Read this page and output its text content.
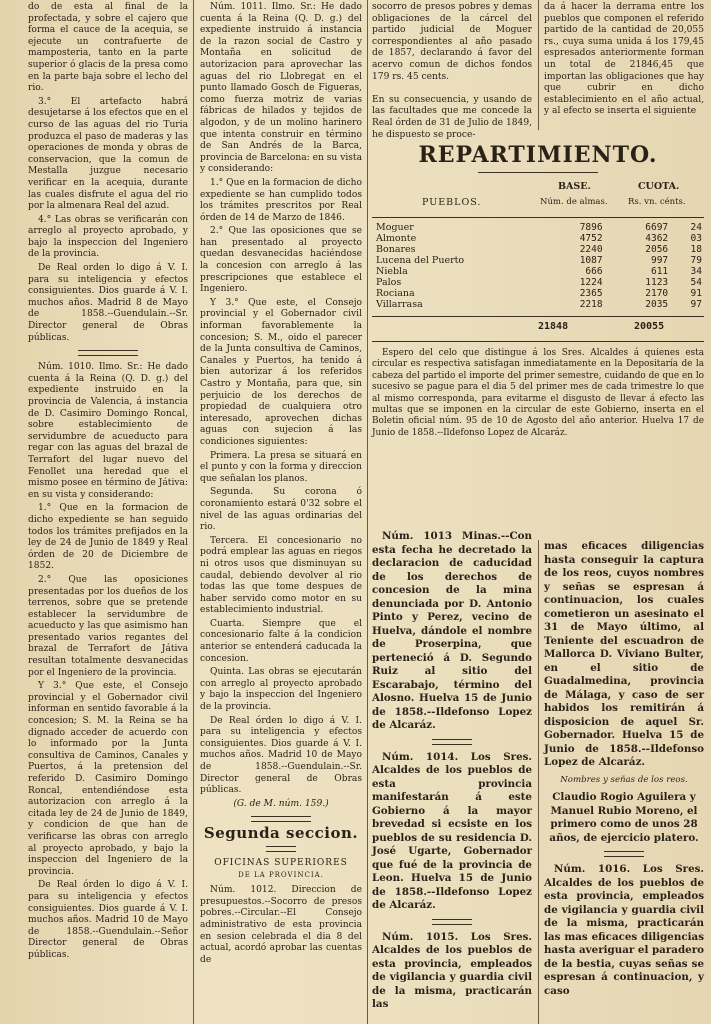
do de esta al final de la profectada, y sobre el cajero que forma el cauce de la acequia, se ejecute un contrafuerte de mamposteria, tanto en la parte superior ó glacis de la presa como en la parte baja sobre el lecho del rio.

3.° El artefacto habrá desujetarse á los efectos que en el curso de las aguas del rio Turia produzca el paso de maderas y las operaciones de monda y obras de conservacion, que la comun de Mestalla juzgue necesario verificar en la acequia, durante las cuales disfrute el agua del rio por la almenara Real del azud.

4.° Las obras se verificarán con arreglo al proyecto aprobado, y bajo la inspeccion del Ingeniero de la provincia.

De Real orden lo digo á V. I. para su inteligencia y efectos consiguientes. Dios guarde á V. I. muchos años. Madrid 8 de Mayo de 1858.--Guendulain.--Sr. Director general de Obras públicas.

Núm. 1010. Ilmo. Sr.: He dado cuenta á la Reina (Q. D. g.) del expediente instruido en la provincia de Valencia, á instancia de D. Casimiro Domingo Roncal, sobre establecimiento de servidumbre de acueducto para regar con las aguas del brazal de Terrafort del lugar nuevo del Fenollet una heredad que el mismo posee en término de Játiva: en su vista y considerando:

1.° Que en la formacion de dicho expediente se han seguido todos los trámites prefijados en la ley de 24 de Junio de 1849 y Real órden de 20 de Diciembre de 1852.

2.° Que las oposiciones presentadas por los dueños de los terrenos, sobre que se pretende establecer la servidumbre de acueducto y las que asimismo han presentado varios regantes del brazal de Terrafort de Játiva resultan totalmente desvanecidas por el Ingeniero de la provincia.

Y 3.° Que este, el Consejo provincial y el Gobernador civil informan en sentido favorable á la concesion; S. M. la Reina se ha dignado acceder de acuerdo con lo informado por la Junta consultiva de Caminos, Canales y Puertos, á la pretension del referido D. Casimiro Domingo Roncal, entendiéndose esta autorizacion con arreglo á la citada ley de 24 de Junio de 1849, y condicion de que han de verificarse las obras con arreglo al proyecto aprobado, y bajo la inspeccion del Ingeniero de la provincia.

De Real órden lo digo á V. I. para su inteligencia y efectos consiguientes. Dios guarde á V. I. muchos años. Madrid 10 de Mayo de 1858.--Guendulain.--Señor Director general de Obras públicas.

Núm. 1011. Ilmo. Sr.: He dado cuenta á la Reina (Q. D. g.) del expediente instruido á instancia de la razon social de Castro y Montaña en solicitud de autorizacion para aprovechar las aguas del rio Llobregat en el punto llamado Gosch de Figueras, como fuerza motriz de varias fábricas de hilados y tejidos de algodon, y de un molino harinero que intenta construir en término de San Andrés de la Barca, provincia de Barcelona: en su vista y considerando:

1.° Que en la formacion de dicho expediente se han cumplido todos los trámites prescritos por Real órden de 14 de Marzo de 1846.

2.° Que las oposiciones que se han presentado al proyecto quedan desvanecidas haciéndose la concesion con arreglo á las prescripciones que establece el Ingeniero.

Y 3.° Que este, el Consejo provincial y el Gobernador civil informan favorablemente la concesion; S. M., oido el parecer de la Junta consultiva de Caminos, Canales y Puertos, ha tenido á bien autorizar á los referidos Castro y Montaña, para que, sin perjuicio de los derechos de propiedad de cualquiera otro interesado, aprovechen dichas aguas con sujecion á las condiciones siguientes:

Primera. La presa se situará en el punto y con la forma y direccion que señalan los planos.

Segunda. Su corona ó coronamiento estará 0'32 sobre el nivel de las aguas ordinarias del rio.

Tercera. El concesionario no podrá emplear las aguas en riegos ni otros usos que disminuyan su caudal, debiendo devolver al rio todas las que tome despues de haber servido como motor en su establecimiento industrial.

Cuarta. Siempre que el concesionario falte á la condicion anterior se entenderá caducada la concesion.

Quinta. Las obras se ejecutarán con arreglo al proyecto aprobado y bajo la inspeccion del Ingeniero de la provincia.

De Real órden lo digo á V. I. para su inteligencia y efectos consiguientes. Dios guarde á V. I. muchos años. Madrid 10 de Mayo de 1858.--Guendulain.--Sr. Director general de Obras públicas.

(G. de M. núm. 159.)

Segunda seccion.
OFICINAS SUPERIORES
DE LA PROVINCIA.

Núm. 1012. Direccion de presupuestos.--Socorro de presos pobres.--Circular.--El Consejo administrativo de esta provincia en sesion celebrada el dia 8 del actual, acordó aprobar las cuentas de

socorro de presos pobres y demas obligaciones de la cárcel del partido judicial de Moguer correspondientes al año pasado de 1857, declarando á favor del acervo comun de dichos fondos 179 rs. 45 cents.

En su consecuencia, y usando de las facultades que me concede la Real órden de 31 de Julio de 1849, he dispuesto se proce-

da á hacer la derrama entre los pueblos que componen el referido partido de la cantidad de 20,055 rs., cuya suma unida á los 179,45 espresados anteriormente forman un total de 21846,45 que importan las obligaciones que hay que cubrir en dicho establecimiento en el año actual, y al efecto se inserta el siguiente

REPARTIMIENTO.
PUEBLOS.
BASE.
Núm. de almas.
CUOTA.
Rs. vn. cénts.
Moguer	7896	6697	24
Almonte	4752	4362	03
Bonares	2240	2056	18
Lucena del Puerto	1087	997	79
Niebla	666	611	34
Palos	1224	1123	54
Rociana	2365	2170	91
Villarrasa	2218	2035	97
21848	20055

Espero del celo que distingue á los Sres. Alcaldes á quienes esta circular es respectiva satisfagan inmediatamente en la Depositaría de la cabeza del partido el importe del primer semestre, cuidando de que en lo sucesivo se pague para el dia 5 del primer mes de cada trimestre lo que al mismo corresponda, para evitarme el disgusto de llevar á efecto las multas que se imponen en la circular de este Gobierno, inserta en el Boletin oficial núm. 95 de 10 de Agosto del año anterior. Huelva 17 de Junio de 1858.--Ildefonso Lopez de Alcaráz.

Núm. 1013 Minas.--Con esta fecha he decretado la declaracion de caducidad de los derechos de concesion de la mina denunciada por D. Antonio Pinto y Perez, vecino de Huelva, dándole el nombre de Proserpina, que perteneció á D. Segundo Ruiz al sitio del Escarabajo, término del Alosno. Huelva 15 de Junio de 1858.--Ildefonso Lopez de Alcaráz.

Núm. 1014. Los Sres. Alcaldes de los pueblos de esta provincia manifestarán á este Gobierno á la mayor brevedad si ecsiste en los pueblos de su residencia D. José Ugarte, Gobernador que fué de la provincia de Leon. Huelva 15 de Junio de 1858.--Ildefonso Lopez de Alcaráz.

Núm. 1015. Los Sres. Alcaldes de los pueblos de esta provincia, empleados de vigilancia y guardia civil de la misma, practicarán las

mas eficaces diligencias hasta conseguir la captura de los reos, cuyos nombres y señas se espresan á continuacion, los cuales cometieron un asesinato el 31 de Mayo último, al Teniente del escuadron de Mallorca D. Viviano Bulter, en el sitio de Guadalmedina, provincia de Málaga, y caso de ser habidos los remitirán á disposicion de aquel Sr. Gobernador. Huelva 15 de Junio de 1858.--Ildefonso Lopez de Alcaráz.

Nombres y señas de los reos.

Claudio Rogio Aguilera y Manuel Rubio Moreno, el primero como de unos 28 años, de ejercicio platero.

Núm. 1016. Los Sres. Alcaldes de los pueblos de esta provincia, empleados de vigilancia y guardia civil de la misma, practicarán las mas eficaces diligencias hasta averiguar el paradero de la bestia, cuyas señas se espresan á continuacion, y caso
